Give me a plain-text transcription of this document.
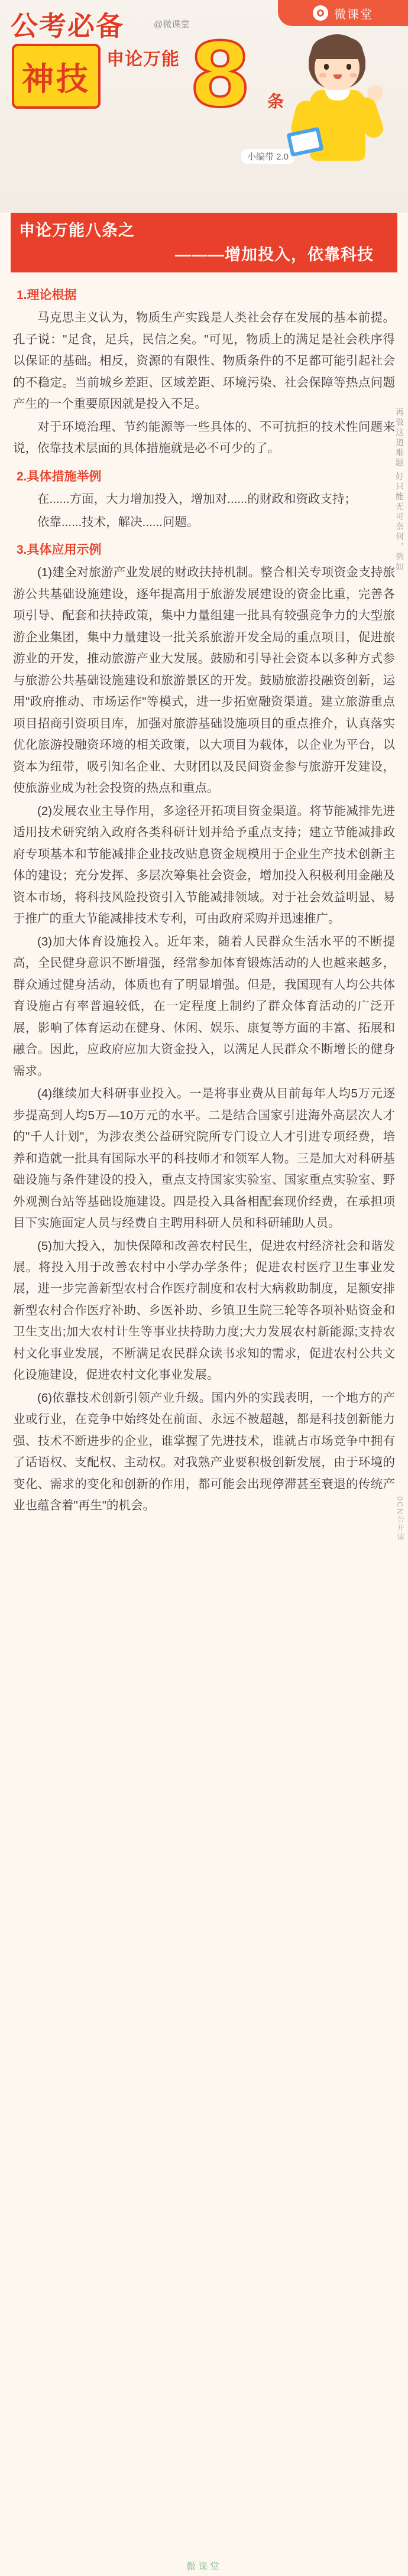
微课堂
公考必备	@微课堂
神技
申论万能 8 条
小编带 2.0
申论万能八条之
———增加投入，依靠科技
1.理论根据

马克思主义认为，物质生产实践是人类社会存在发展的基本前提。孔子说："足食，足兵，民信之矣。"可见，物质上的满足是社会秩序得以保证的基础。相反，资源的有限性、物质条件的不足都可能引起社会的不稳定。当前城乡差距、区域差距、环境污染、社会保障等热点问题产生的一个重要原因就是投入不足。

对于环境治理、节约能源等一些具体的、不可抗拒的技术性问题来说，依靠技术层面的具体措施就是必不可少的了。

2.具体措施举例

在......方面，大力增加投入，增加对......的财政和资政支持；

依靠......技术，解决......问题。

3.具体应用示例

(1)建全对旅游产业发展的财政扶持机制。整合相关专项资金支持旅游公共基础设施建设，逐年提高用于旅游发展建设的资金比重，完善各项引导、配套和扶持政策，集中力量组建一批具有较强竞争力的大型旅游企业集团，集中力量建设一批关系旅游开发全局的重点项目，促进旅游业的开发，推动旅游产业大发展。鼓励和引导社会资本以多种方式参与旅游公共基础设施建设和旅游景区的开发。鼓励旅游投融资创新，运用"政府推动、市场运作"等模式，进一步拓宽融资渠道。建立旅游重点项目招商引资项目库，加强对旅游基础设施项目的重点推介，认真落实优化旅游投融资环境的相关政策，以大项目为载体，以企业为平台，以资本为纽带，吸引知名企业、大财团以及民间资金参与旅游开发建设，使旅游业成为社会投资的热点和重点。

(2)发展农业主导作用，多途径开拓项目资金渠道。将节能减排先进适用技术研究纳入政府各类科研计划并给予重点支持；建立节能减排政府专项基本和节能减排企业技改贴息资金规模用于企业生产技术创新主体的建设；充分发挥、多层次筹集社会资金，增加投入积极利用金融及资本市场，将科技风险投资引入节能减排领域。对于社会效益明显、易于推广的重大节能减排技术专利，可由政府采购并迅速推广。

(3)加大体育设施投入。近年来，随着人民群众生活水平的不断提高，全民健身意识不断增强，经常参加体育锻炼活动的人也越来越多，群众通过健身活动，体质也有了明显增强。但是，我国现有人均公共体育设施占有率普遍较低，在一定程度上制约了群众体育活动的广泛开展，影响了体育运动在健身、休闲、娱乐、康复等方面的丰富、拓展和融合。因此，应政府应加大资金投入，以满足人民群众不断增长的健身需求。

(4)继续加大科研事业投入。一是将事业费从目前每年人均5万元逐步提高到人均5万—10万元的水平。二是结合国家引进海外高层次人才的"千人计划"，为涉农类公益研究院所专门设立人才引进专项经费，培养和造就一批具有国际水平的科技师才和领军人物。三是加大对科研基础设施与条件建设的投入，重点支持国家实验室、国家重点实验室、野外观测台站等基础设施建设。四是投入具备相配套现价经费，在承担项目下实施面定人员与经费自主聘用科研人员和科研辅助人员。

(5)加大投入，加快保障和改善农村民生，促进农村经济社会和谐发展。将投入用于改善农村中小学办学条件；促进农村医疗卫生事业发展，进一步完善新型农村合作医疗制度和农村大病救助制度，足额安排新型农村合作医疗补助、乡医补助、乡镇卫生院三轮等各项补贴资金和卫生支出;加大农村计生等事业扶持助力度;大力发展农村新能源;支持农村文化事业发展，不断满足农民群众读书求知的需求，促进农村公共文化设施建设，促进农村文化事业发展。

(6)依靠技术创新引领产业升级。国内外的实践表明，一个地方的产业或行业，在竞争中始终处在前面、永远不被超越，都是科技创新能力强、技术不断进步的企业，谁掌握了先进技术，谁就占市场竞争中拥有了话语权、支配权、主动权。对我熟产业要积极创新发展，由于环境的变化、需求的变化和创新的作用，都可能会出现停滞甚至衰退的传统产业也蕴含着"再生"的机会。

再做这道难题 好只能无可奈何，例如
0CN公开课
微课堂
